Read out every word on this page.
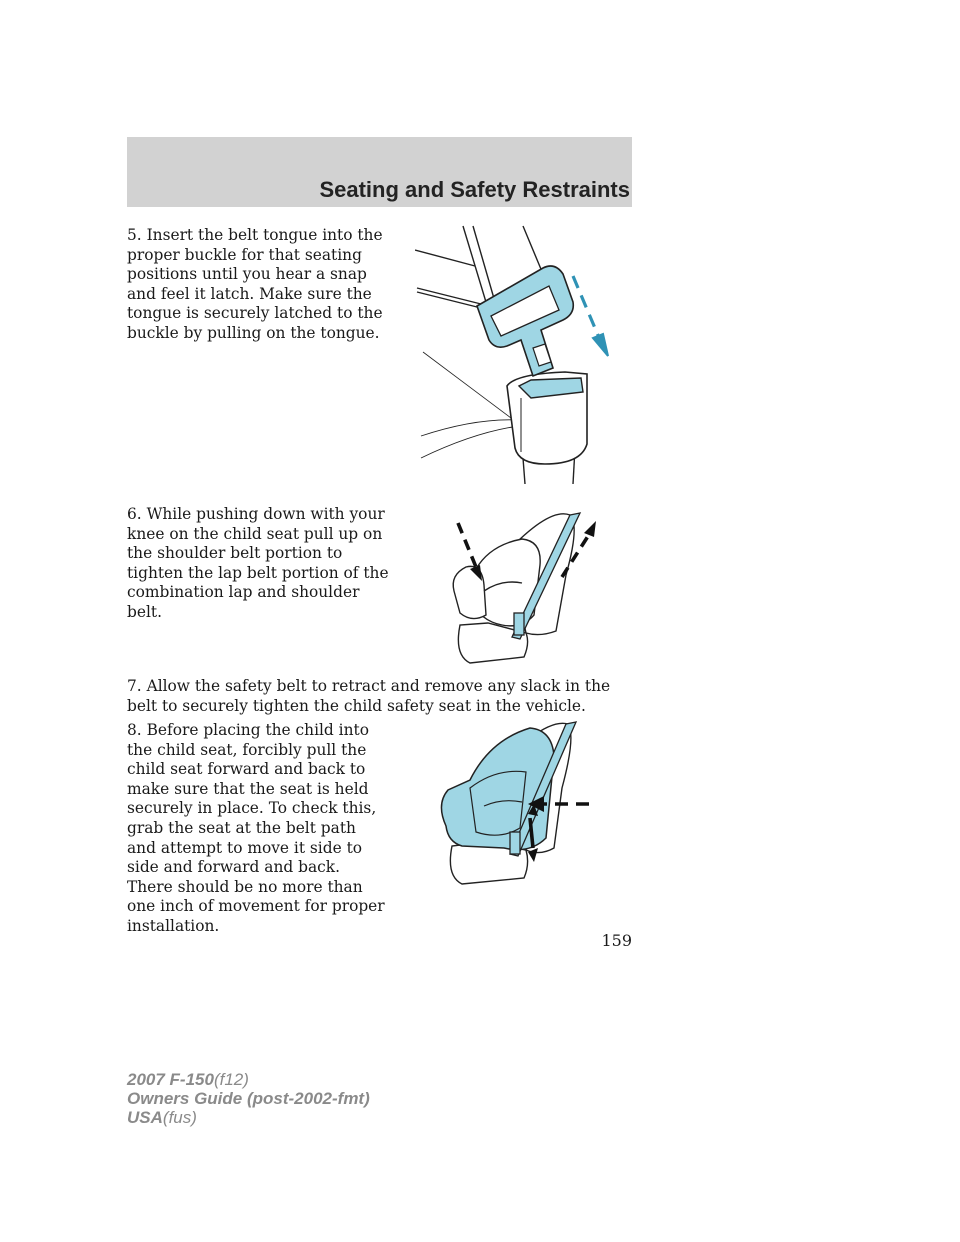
Seating and Safety Restraints

5. Insert the belt tongue into the proper buckle for that seating positions until you hear a snap and feel it latch. Make sure the tongue is securely latched to the buckle by pulling on the tongue.

6. While pushing down with your knee on the child seat pull up on the shoulder belt portion to tighten the lap belt portion of the combination lap and shoulder belt.

7. Allow the safety belt to retract and remove any slack in the belt to securely tighten the child safety seat in the vehicle.

8. Before placing the child into the child seat, forcibly pull the child seat forward and back to make sure that the seat is held securely in place. To check this, grab the seat at the belt path and attempt to move it side to side and forward and back. There should be no more than one inch of movement for proper installation.

159
2007 F-150(f12)
Owners Guide (post-2002-fmt)
USA(fus)
